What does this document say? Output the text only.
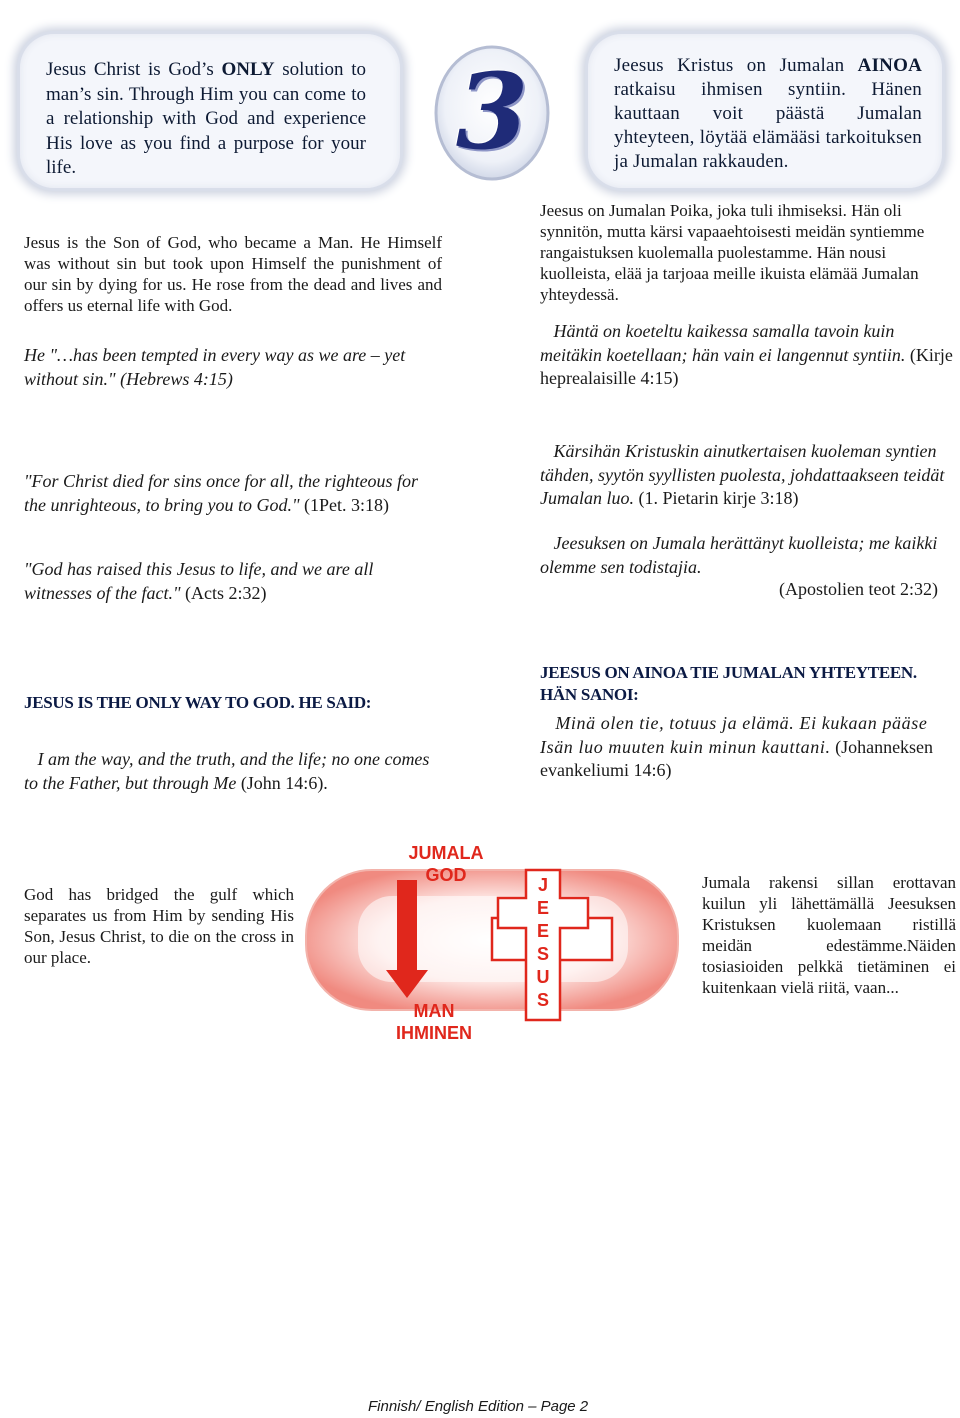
Jesus Christ is God’s ONLY solution to man’s sin. Through Him you can come to a relationship with God and experience His love as you find a purpose for your life.	3	Jeesus Kristus on Jumalan AINOA ratkaisu ihmisen syntiin. Hänen kauttaan voit päästä Jumalan yhteyteen, löytää elämääsi tarkoituksen ja Jumalan rakkauden.
Jesus is the Son of God, who became a Man. He Himself was without sin but took upon Himself the punishment of our sin by dying for us. He rose from the dead and lives and offers us eternal life with God.
He "…has been tempted in every way as we are – yet without sin." (Hebrews 4:15)
Jeesus on Jumalan Poika, joka tuli ihmiseksi. Hän oli synnitön, mutta kärsi vapaaehtoisesti meidän syntiemme rangaistuksen kuolemalla puolestamme. Hän nousi kuolleista, elää ja tarjoaa meille ikuista elämää Jumalan yhteydessä.
Häntä on koeteltu kaikessa samalla tavoin kuin meitäkin koetellaan; hän vain ei langennut syntiin. (Kirje heprealaisille 4:15)
"For Christ died for sins once for all, the righteous for the unrighteous, to bring you to God." (1Pet. 3:18)
"God has raised this Jesus to life, and we are all witnesses of the fact." (Acts 2:32)
Kärsihän Kristuskin ainutkertaisen kuoleman syntien tähden, syytön syyllisten puolesta, johdattaakseen teidät Jumalan luo. (1. Pietarin kirje 3:18)
Jeesuksen on Jumala herättänyt kuolleista; me kaikki olemme sen todistajia.
(Apostolien teot 2:32)
JESUS IS THE ONLY WAY TO GOD. HE SAID:
I am the way, and the truth, and the life; no one comes to the Father, but through Me (John 14:6).
JEESUS ON AINOA TIE JUMALAN YHTEYTEEN.
HÄN SANOI:
Minä olen tie, totuus ja elämä. Ei kukaan pääse Isän luo muuten kuin minun kauttani. (Johanneksen evankeliumi 14:6)
God has bridged the gulf which separates us from Him by sending His Son, Jesus Christ, to die on the cross in our place.
JUMALA
GOD
MAN
IHMINEN
J
E
E
S
U
S
Jumala rakensi sillan erottavan kuilun yli lähettämällä Jeesuksen Kristuksen kuolemaan ristillä meidän edestämme.Näiden tosiasioiden pelkkä tietäminen ei kuitenkaan vielä riitä, vaan...
Finnish/ English Edition – Page 2
